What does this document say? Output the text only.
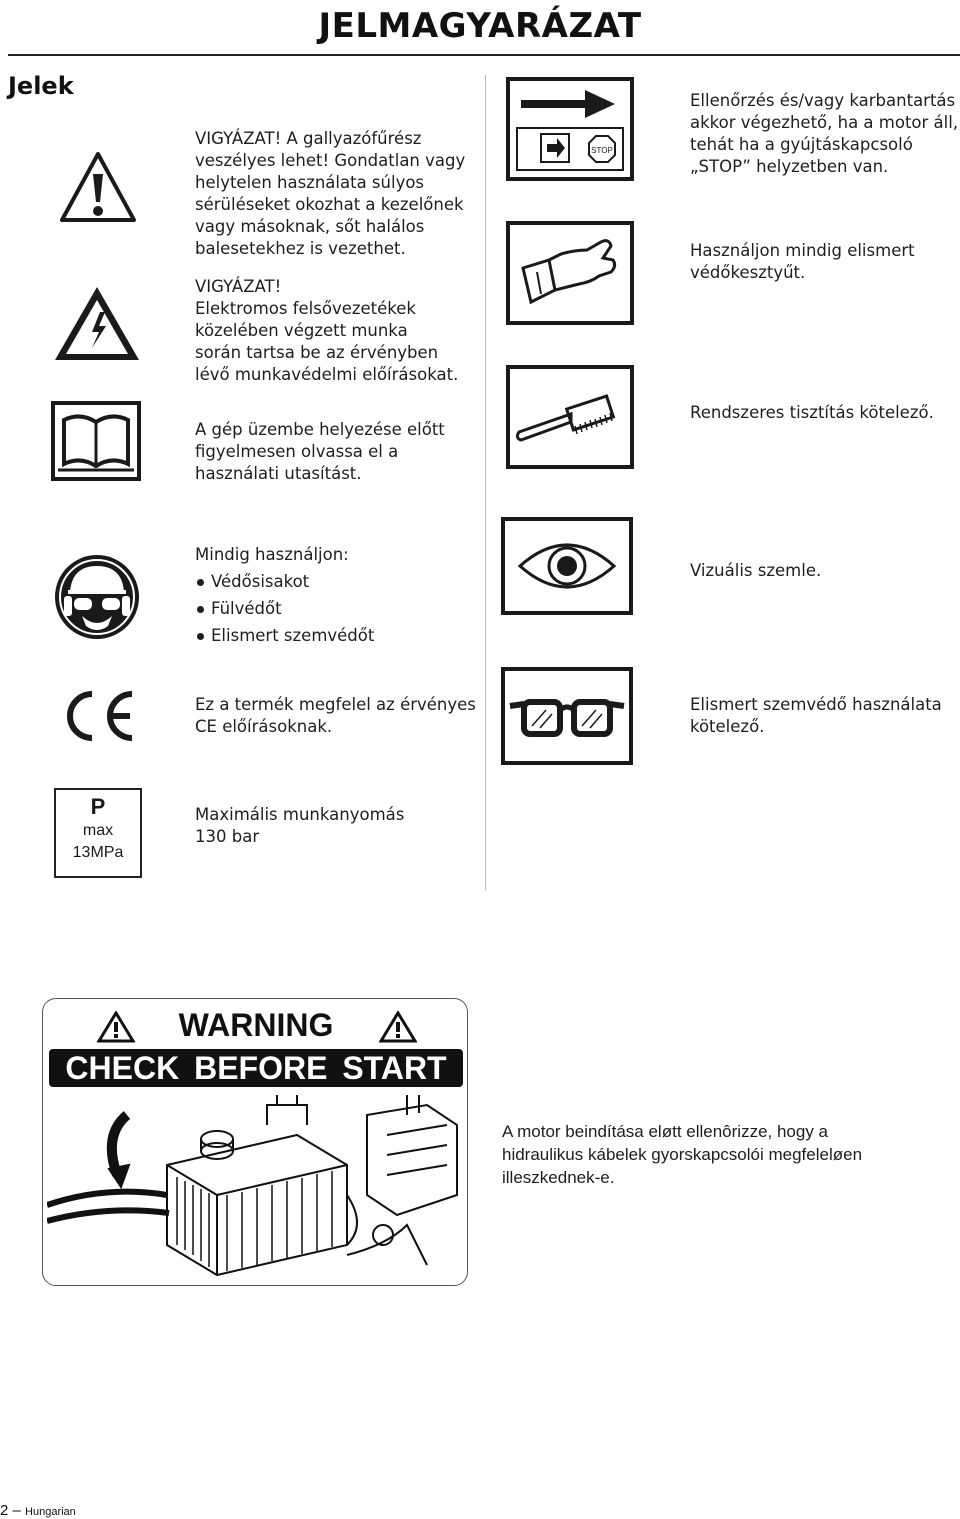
JELMAGYARÁZAT
Jelek

VIGYÁZAT! A gallyazófűrész

veszélyes lehet! Gondatlan vagy

helytelen használata súlyos

sérüléseket okozhat a kezelőnek

vagy másoknak, sőt halálos

balesetekhez is vezethet.

VIGYÁZAT!

Elektromos felsővezetékek

közelében végzett munka

során tartsa be az érvényben

lévő munkavédelmi előírásokat.

A gép üzembe helyezése előtt

figyelmesen olvassa el a

használati utasítást.

STOP

Ellenőrzés és/vagy karbantartás

akkor végezhető, ha a motor áll,

tehát ha a gyújtáskapcsoló

„STOP” helyzetben van.

Használjon mindig elismert

védőkesztyűt.

Rendszeres tisztítás kötelező.

Mindig használjon:

Védősisakot
Fülvédőt
Elismert szemvédőt
Vizuális szemle.

Ez a termék megfelel az érvényes

CE előírásoknak.

Elismert szemvédő használata

kötelező.

P
max
13MPa

Maximális munkanyomás

130 bar

WARNING
CHECK BEFORE START

A motor beindítása eløtt ellenôrizze, hogy a

hidraulikus kábelek gyorskapcsolói megfeleløen

illeszkednek-e.

2 – Hungarian
